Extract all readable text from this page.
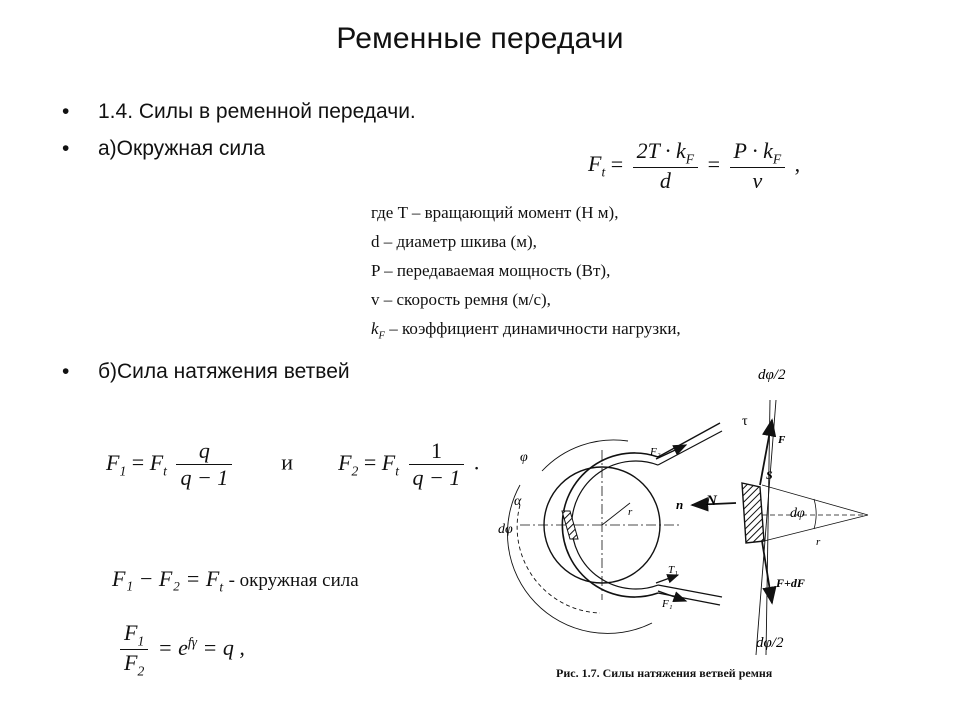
Ременные передачи
• 1.4. Силы в ременной передачи.
• а)Окружная сила
• б)Сила натяжения ветвей
$F_t = \frac{2T \cdot k_F}{d} = \frac{P \cdot k_F}{v}$ ,
где T – вращающий момент (Н м),
d – диаметр шкива (м),
P – передаваемая мощность (Вт),
v – скорость ремня (м/с),
$k_F$ – коэффициент динамичности нагрузки,
$F_1 = F_t \frac{q}{q - 1}$ и $F_2 = F_t \frac{1}{q - 1}$ .
$F_1 - F_2 = F_t$ - окружная сила
$\frac{F_1}{F_2} = e^{f\gamma} = q$ ,
φ
α
dφ
F₂
T₁
F₁
r
dφ/2
τ
F
S
n N
dφ
r
F+dF
dφ/2
Рис. 1.7. Силы натяжения ветвей ремня
